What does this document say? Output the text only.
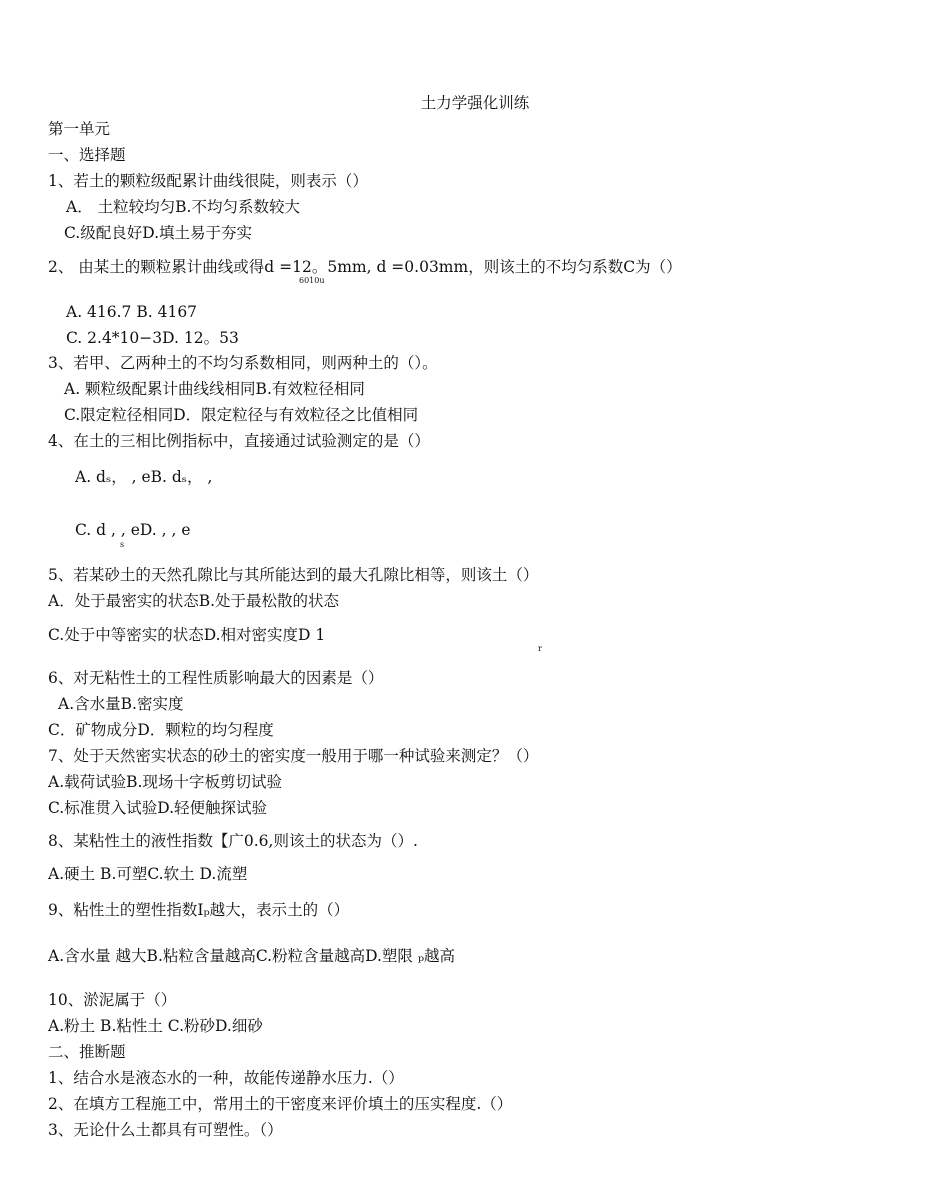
土力学强化训练
第一单元
一、选择题
1、若土的颗粒级配累计曲线很陡，则表示（）
A． 土粒较均匀B.不均匀系数较大
C.级配良好D.填土易于夯实
2、 由某土的颗粒累计曲线或得d =12。5mm, d =0.03mm，则该土的不均匀系数C为（）
6010u
A. 416.7 B. 4167
C. 2.4*10−3D. 12。53
3、若甲、乙两种土的不均匀系数相同，则两种土的（）。
A. 颗粒级配累计曲线线相同B.有效粒径相同
C.限定粒径相同D．限定粒径与有效粒径之比值相同
4、在土的三相比例指标中，直接通过试验测定的是（）
A. dₛ， , eB. dₛ， ,
C. d , , eD. , , e
s
5、若某砂土的天然孔隙比与其所能达到的最大孔隙比相等，则该土（）
A．处于最密实的状态B.处于最松散的状态
C.处于中等密实的状态D.相对密实度D 1
r
6、对无粘性土的工程性质影响最大的因素是（）
A.含水量B.密实度
C．矿物成分D．颗粒的均匀程度
7、处于天然密实状态的砂土的密实度一般用于哪一种试验来测定？（）
A.载荷试验B.现场十字板剪切试验
C.标准贯入试验D.轻便触探试验
8、某粘性土的液性指数【广0.6,则该土的状态为（）.
A.硬土 B.可塑C.软土 D.流塑
9、粘性土的塑性指数Iₚ越大，表示土的（）
A.含水量 越大B.粘粒含量越高C.粉粒含量越高D.塑限 ₚ越高
10、淤泥属于（）
A.粉土 B.粘性土 C.粉砂D.细砂
二、推断题
1、结合水是液态水的一种，故能传递静水压力.（）
2、在填方工程施工中，常用土的干密度来评价填土的压实程度.（）
3、无论什么土都具有可塑性。（）
